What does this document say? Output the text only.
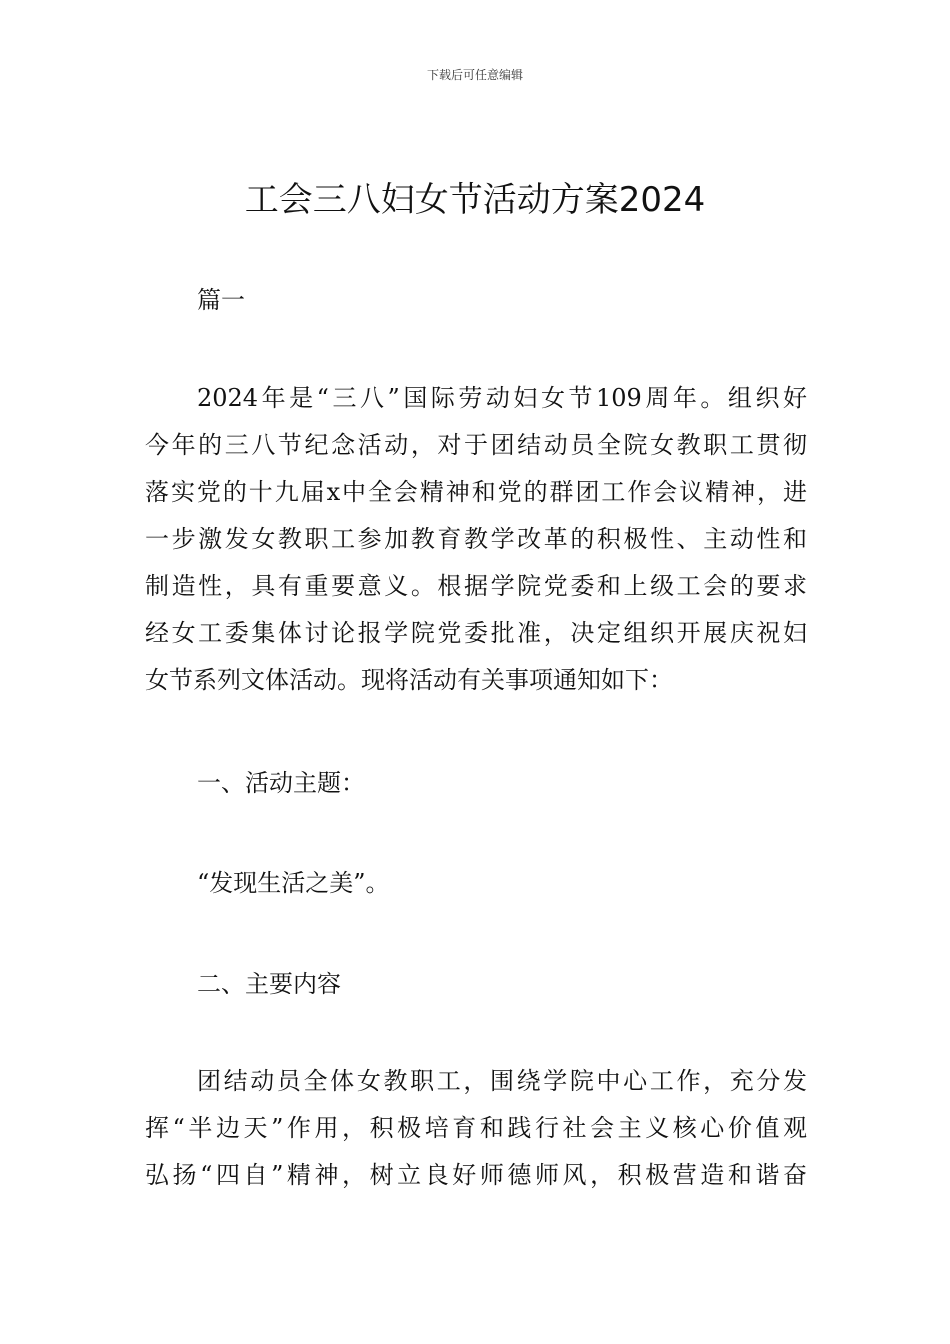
下载后可任意编辑
工会三八妇女节活动方案2024
篇一
2024年是“三八”国际劳动妇女节109周年。组织好
今年的三八节纪念活动，对于团结动员全院女教职工贯彻
落实党的十九届x中全会精神和党的群团工作会议精神，进
一步激发女教职工参加教育教学改革的积极性、主动性和
制造性，具有重要意义。根据学院党委和上级工会的要求
经女工委集体讨论报学院党委批准，决定组织开展庆祝妇
女节系列文体活动。现将活动有关事项通知如下：
一、活动主题：
“发现生活之美”。
二、主要内容
团结动员全体女教职工，围绕学院中心工作，充分发
挥“半边天”作用，积极培育和践行社会主义核心价值观
弘扬“四自”精神，树立良好师德师风，积极营造和谐奋
